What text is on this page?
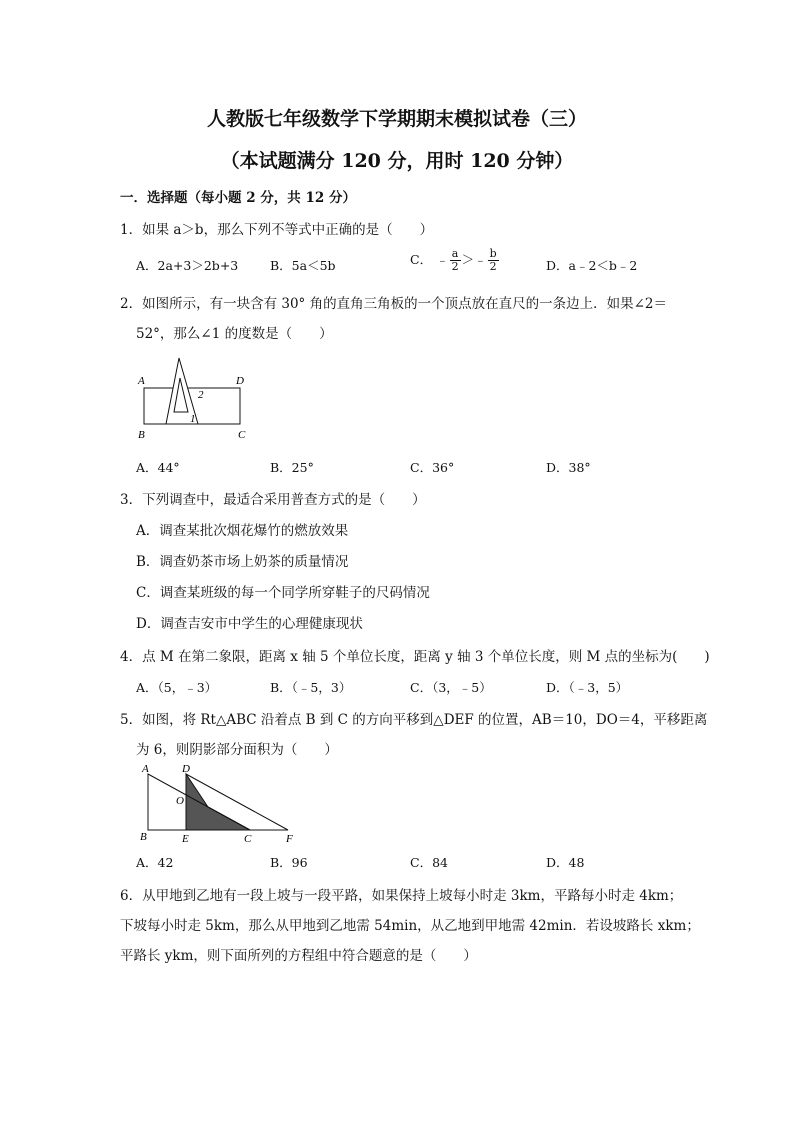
人教版七年级数学下学期期末模拟试卷（三）
（本试题满分 120 分，用时 120 分钟）
一．选择题（每小题 2 分，共 12 分）
1．如果 a＞b，那么下列不等式中正确的是（　　）
A．2a+3＞2b+3	B．5a＜5b	C． ﹣ $\frac{a}{2}$ ＞﹣ $\frac{b}{2}$	D．a﹣2＜b﹣2
2．如图所示，有一块含有 30° 角的直角三角板的一个顶点放在直尺的一条边上．如果∠2＝
52°，那么∠1 的度数是（　　）
A	D
B	C
2
1
A．44°	B．25°	C．36°	D．38°
3．下列调查中，最适合采用普查方式的是（　　）
A．调查某批次烟花爆竹的燃放效果
B．调查奶茶市场上奶茶的质量情况
C．调查某班级的每一个同学所穿鞋子的尺码情况
D．调查吉安市中学生的心理健康现状
4．点 M 在第二象限，距离 x 轴 5 个单位长度，距离 y 轴 3 个单位长度，则 M 点的坐标为(　　)
A．（5，﹣3）	B．（﹣5，3）	C．（3，﹣5）	D．（﹣3，5）
5．如图，将 Rt△ABC 沿着点 B 到 C 的方向平移到△DEF 的位置，AB＝10，DO＝4，平移距离
为 6，则阴影部分面积为（　　）
A	D
O
B	E	C	F
A．42	B．96	C．84	D．48
6．从甲地到乙地有一段上坡与一段平路，如果保持上坡每小时走 3km，平路每小时走 4km；
下坡每小时走 5km，那么从甲地到乙地需 54min，从乙地到甲地需 42min．若设坡路长 xkm；
平路长 ykm，则下面所列的方程组中符合题意的是（　　）
